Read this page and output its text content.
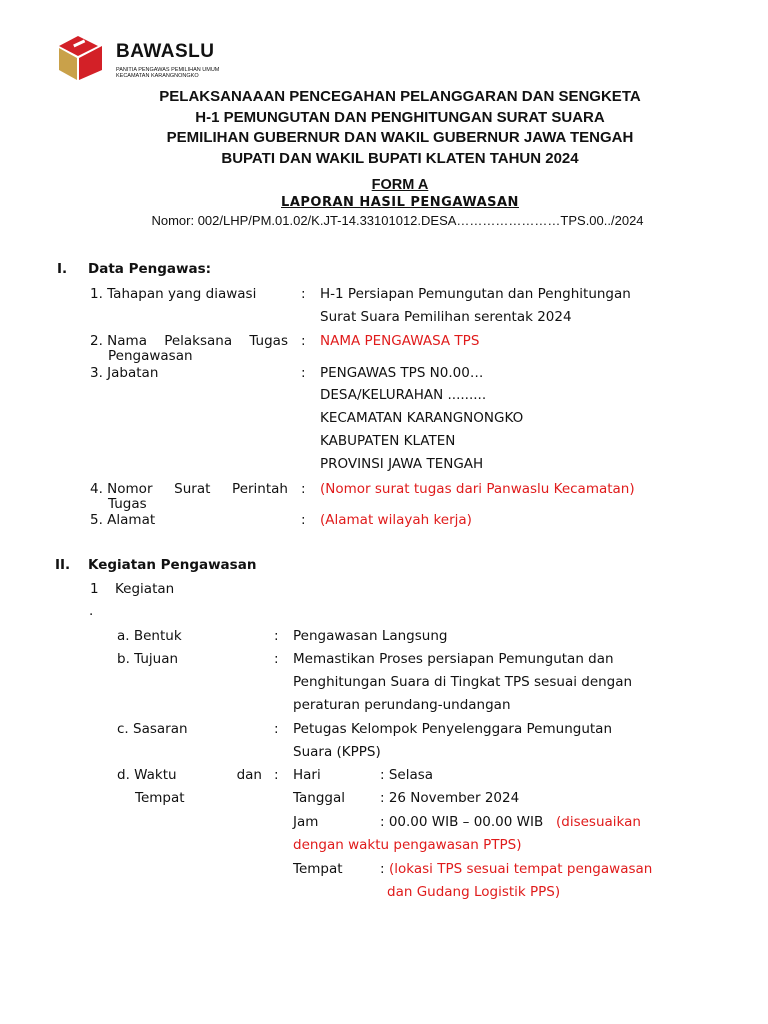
BAWASLU
PANITIA PENGAWAS PEMILIHAN UMUM
KECAMATAN KARANGNONGKO
PELAKSANAAAN PENCEGAHAN PELANGGARAN DAN SENGKETA
H-1 PEMUNGUTAN DAN PENGHITUNGAN SURAT SUARA
PEMILIHAN GUBERNUR DAN WAKIL GUBERNUR JAWA TENGAH
BUPATI DAN WAKIL BUPATI KLATEN TAHUN 2024
FORM A
LAPORAN HASIL PENGAWASAN
Nomor: 002/LHP/PM.01.02/K.JT-14.33101012.DESA……………………TPS.00../2024
I. Data Pengawas:
1. Tahapan yang diawasi	: H-1 Persiapan Pemungutan dan Penghitungan
Surat Suara Pemilihan serentak 2024
2. Nama Pelaksana Tugas
Pengawasan
: NAMA PENGAWASA TPS
3. Jabatan	: PENGAWAS TPS N0.00…
DESA/KELURAHAN .........
KECAMATAN KARANGNONGKO
KABUPATEN KLATEN
PROVINSI JAWA TENGAH
4. Nomor Surat Perintah
Tugas
: (Nomor surat tugas dari Panwaslu Kecamatan)
5. Alamat	: (Alamat wilayah kerja)
II. Kegiatan Pengawasan
1 Kegiatan
.
a. Bentuk	: Pengawasan Langsung
b. Tujuan	: Memastikan Proses persiapan Pemungutan dan
Penghitungan Suara di Tingkat TPS sesuai dengan
peraturan perundang-undangan
c. Sasaran	: Petugas Kelompok Penyelenggara Pemungutan
Suara (KPPS)
d. Waktu	dan
Tempat
: Hari	: Selasa
Tanggal	: 26 November 2024
Jam	: 00.00 WIB – 00.00 WIB (disesuaikan
dengan waktu pengawasan PTPS)
Tempat	: (lokasi TPS sesuai tempat pengawasan
dan Gudang Logistik PPS)
